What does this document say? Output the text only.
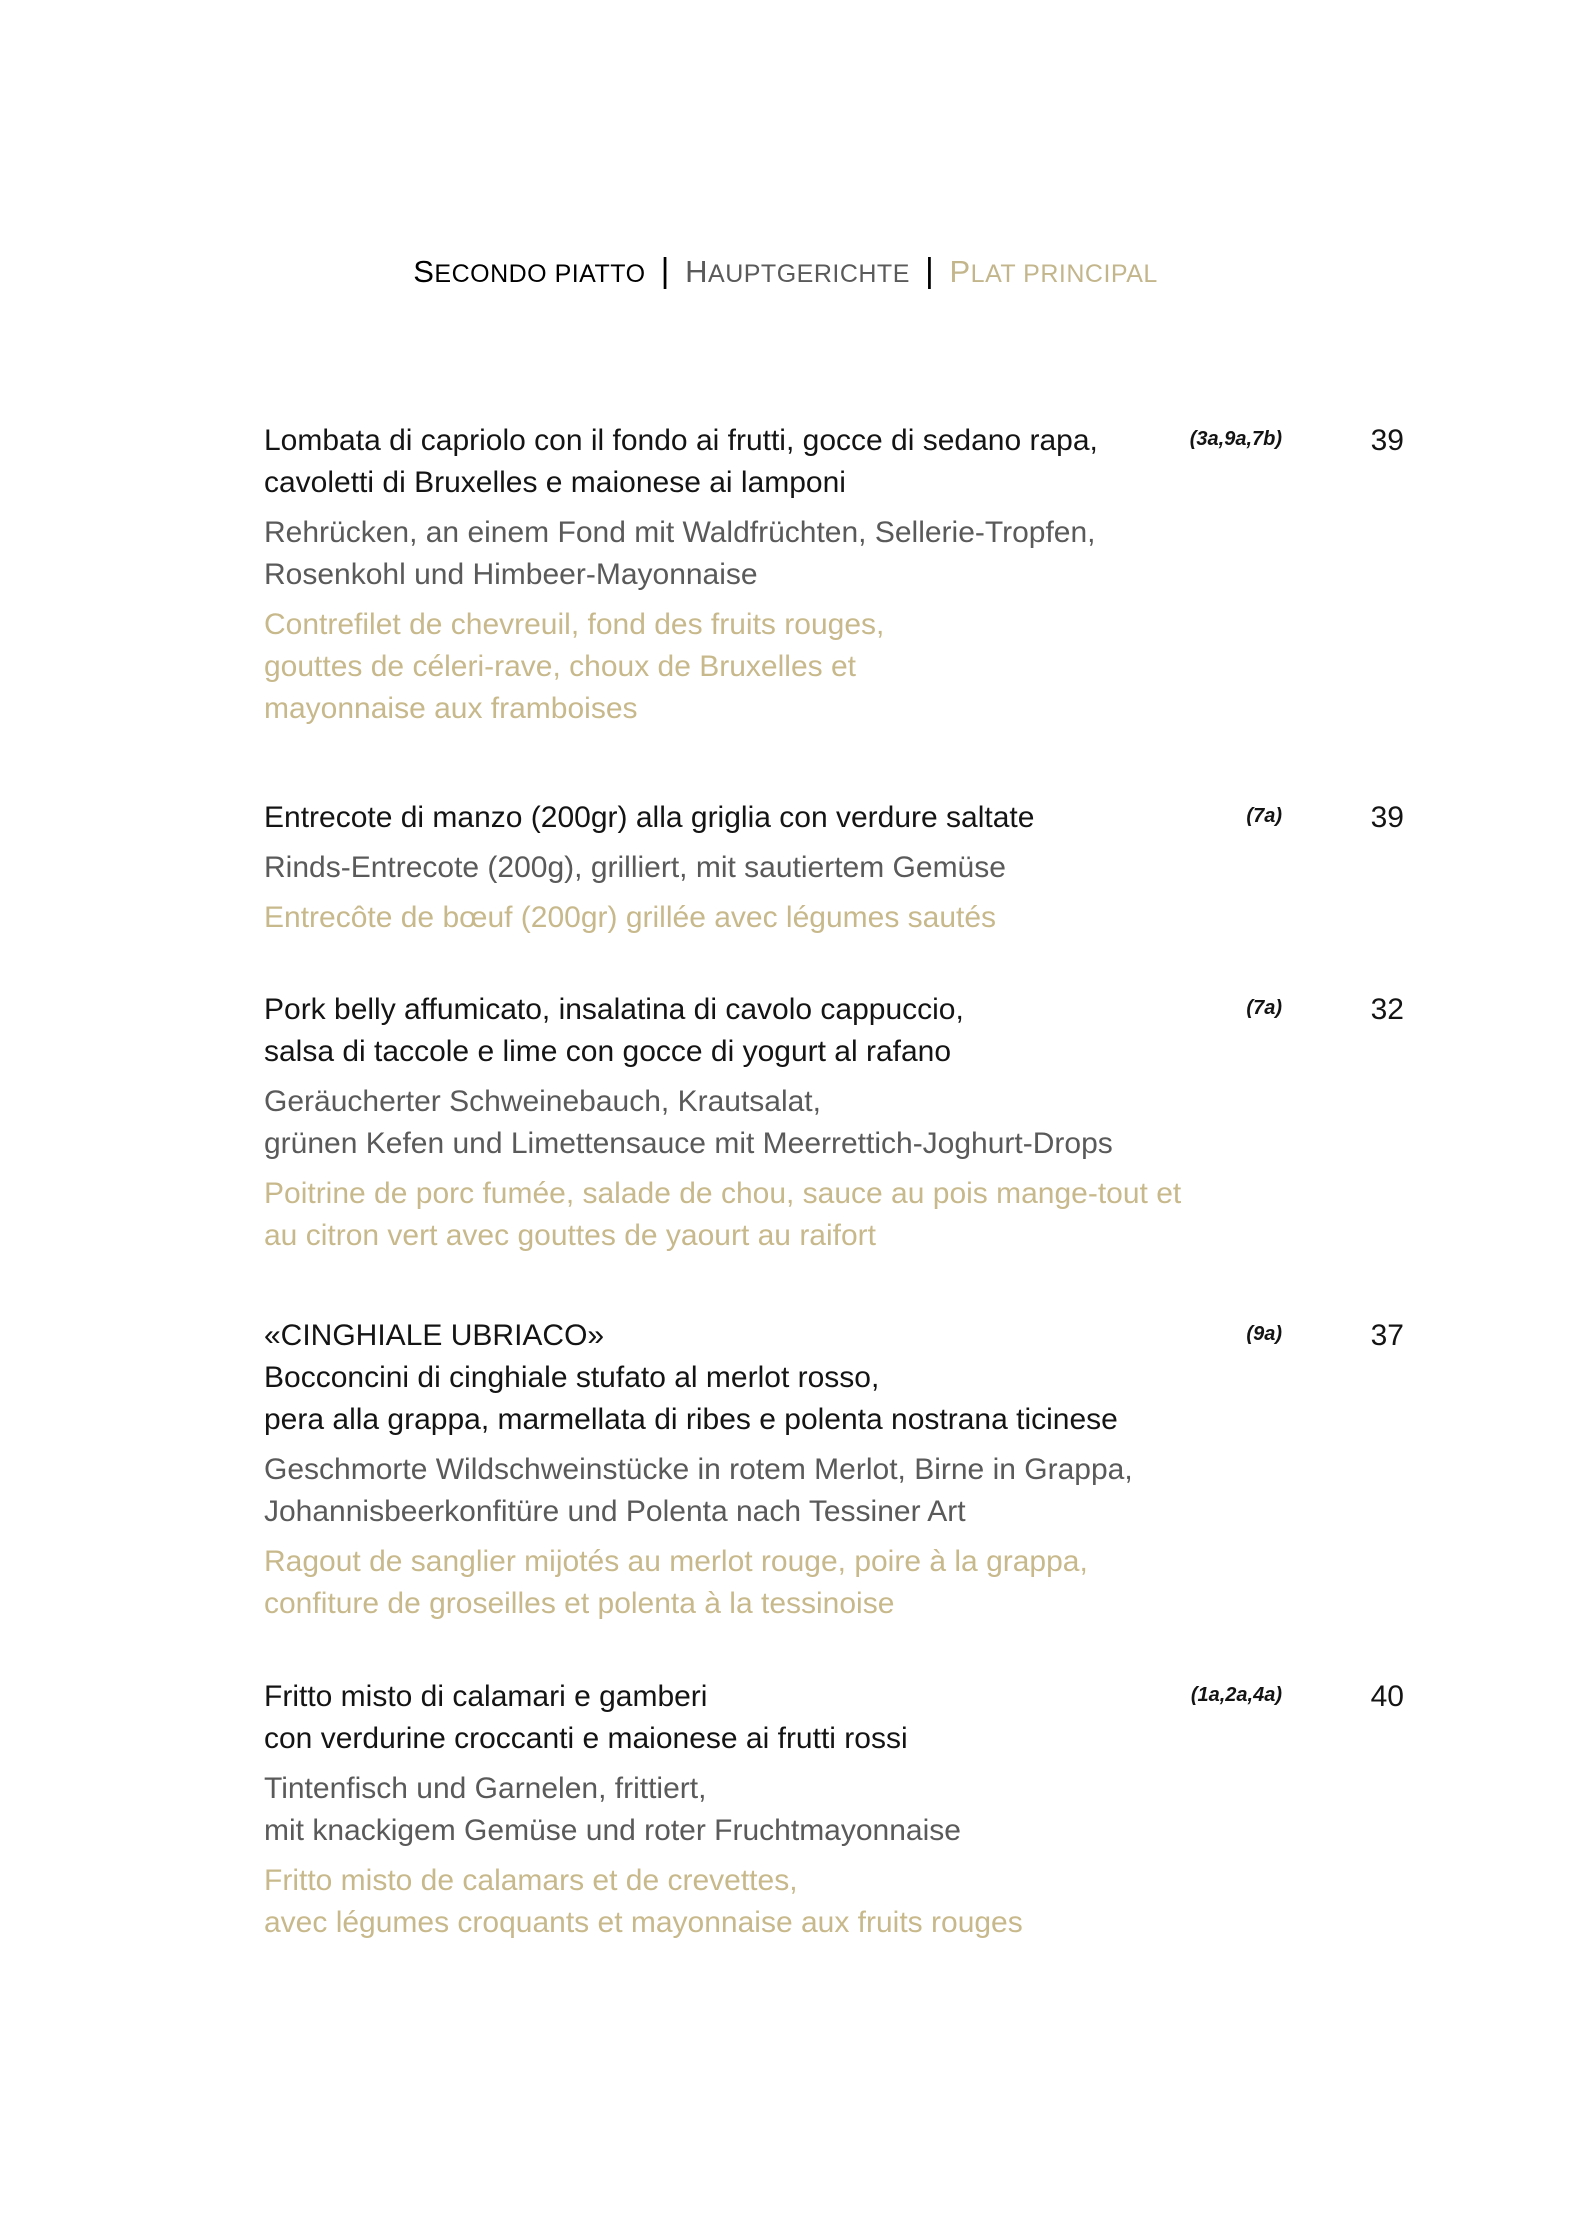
SECONDO PIATTO | HAUPTGERICHTE | PLAT PRINCIPAL
Lombata di capriolo con il fondo ai frutti, gocce di sedano rapa,
cavoletti di Bruxelles e maionese ai lamponi
Rehrücken, an einem Fond mit Waldfrüchten, Sellerie-Tropfen,
Rosenkohl und Himbeer-Mayonnaise
Contrefilet de chevreuil, fond des fruits rouges,
gouttes de céleri-rave, choux de Bruxelles et
mayonnaise aux framboises
(3a,9a,7b)	39
Entrecote di manzo (200gr) alla griglia con verdure saltate
Rinds-Entrecote (200g), grilliert, mit sautiertem Gemüse
Entrecôte de bœuf (200gr) grillée avec légumes sautés
(7a)	39
Pork belly affumicato, insalatina di cavolo cappuccio,
salsa di taccole e lime con gocce di yogurt al rafano
Geräucherter Schweinebauch, Krautsalat,
grünen Kefen und Limettensauce mit Meerrettich-Joghurt-Drops
Poitrine de porc fumée, salade de chou, sauce au pois mange-tout et
au citron vert avec gouttes de yaourt au raifort
(7a)	32
«CINGHIALE UBRIACO»
Bocconcini di cinghiale stufato al merlot rosso,
pera alla grappa, marmellata di ribes e polenta nostrana ticinese
Geschmorte Wildschweinstücke in rotem Merlot, Birne in Grappa,
Johannisbeerkonfitüre und Polenta nach Tessiner Art
Ragout de sanglier mijotés au merlot rouge, poire à la grappa,
confiture de groseilles et polenta à la tessinoise
(9a)	37
Fritto misto di calamari e gamberi
con verdurine croccanti e maionese ai frutti rossi
Tintenfisch und Garnelen, frittiert,
mit knackigem Gemüse und roter Fruchtmayonnaise
Fritto misto de calamars et de crevettes,
avec légumes croquants et mayonnaise aux fruits rouges
(1a,2a,4a)	40
